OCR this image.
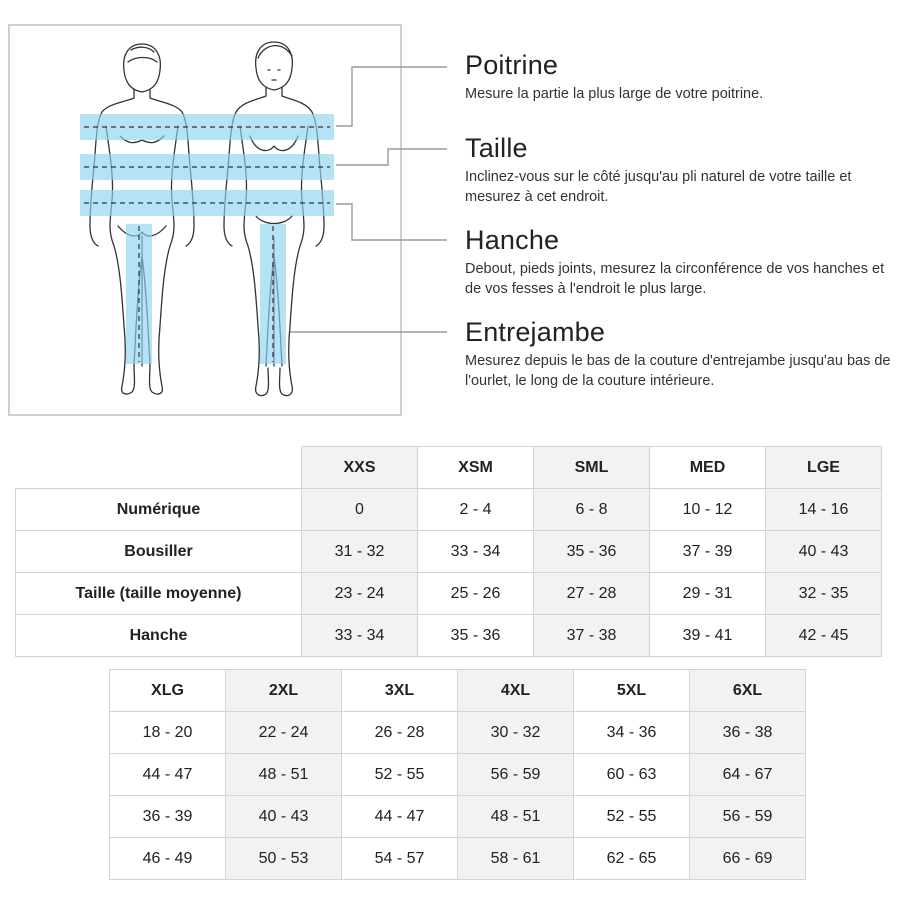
Poitrine

Mesure la partie la plus large de votre poitrine.

Taille

Inclinez-vous sur le côté jusqu'au pli naturel de votre taille et mesurez à cet endroit.

Hanche

Debout, pieds joints, mesurez la circonférence de vos hanches et de vos fesses à l'endroit le plus large.

Entrejambe

Mesurez depuis le bas de la couture d'entrejambe jusqu'au bas de l'ourlet, le long de la couture intérieure.

	XXS	XSM	SML	MED	LGE
Numérique	0	2 - 4	6 - 8	10 - 12	14 - 16
Bousiller	31 - 32	33 - 34	35 - 36	37 - 39	40 - 43
Taille (taille moyenne)	23 - 24	25 - 26	27 - 28	29 - 31	32 - 35
Hanche	33 - 34	35 - 36	37 - 38	39 - 41	42 - 45
XLG	2XL	3XL	4XL	5XL	6XL
18 - 20	22 - 24	26 - 28	30 - 32	34 - 36	36 - 38
44 - 47	48 - 51	52 - 55	56 - 59	60 - 63	64 - 67
36 - 39	40 - 43	44 - 47	48 - 51	52 - 55	56 - 59
46 - 49	50 - 53	54 - 57	58 - 61	62 - 65	66 - 69
